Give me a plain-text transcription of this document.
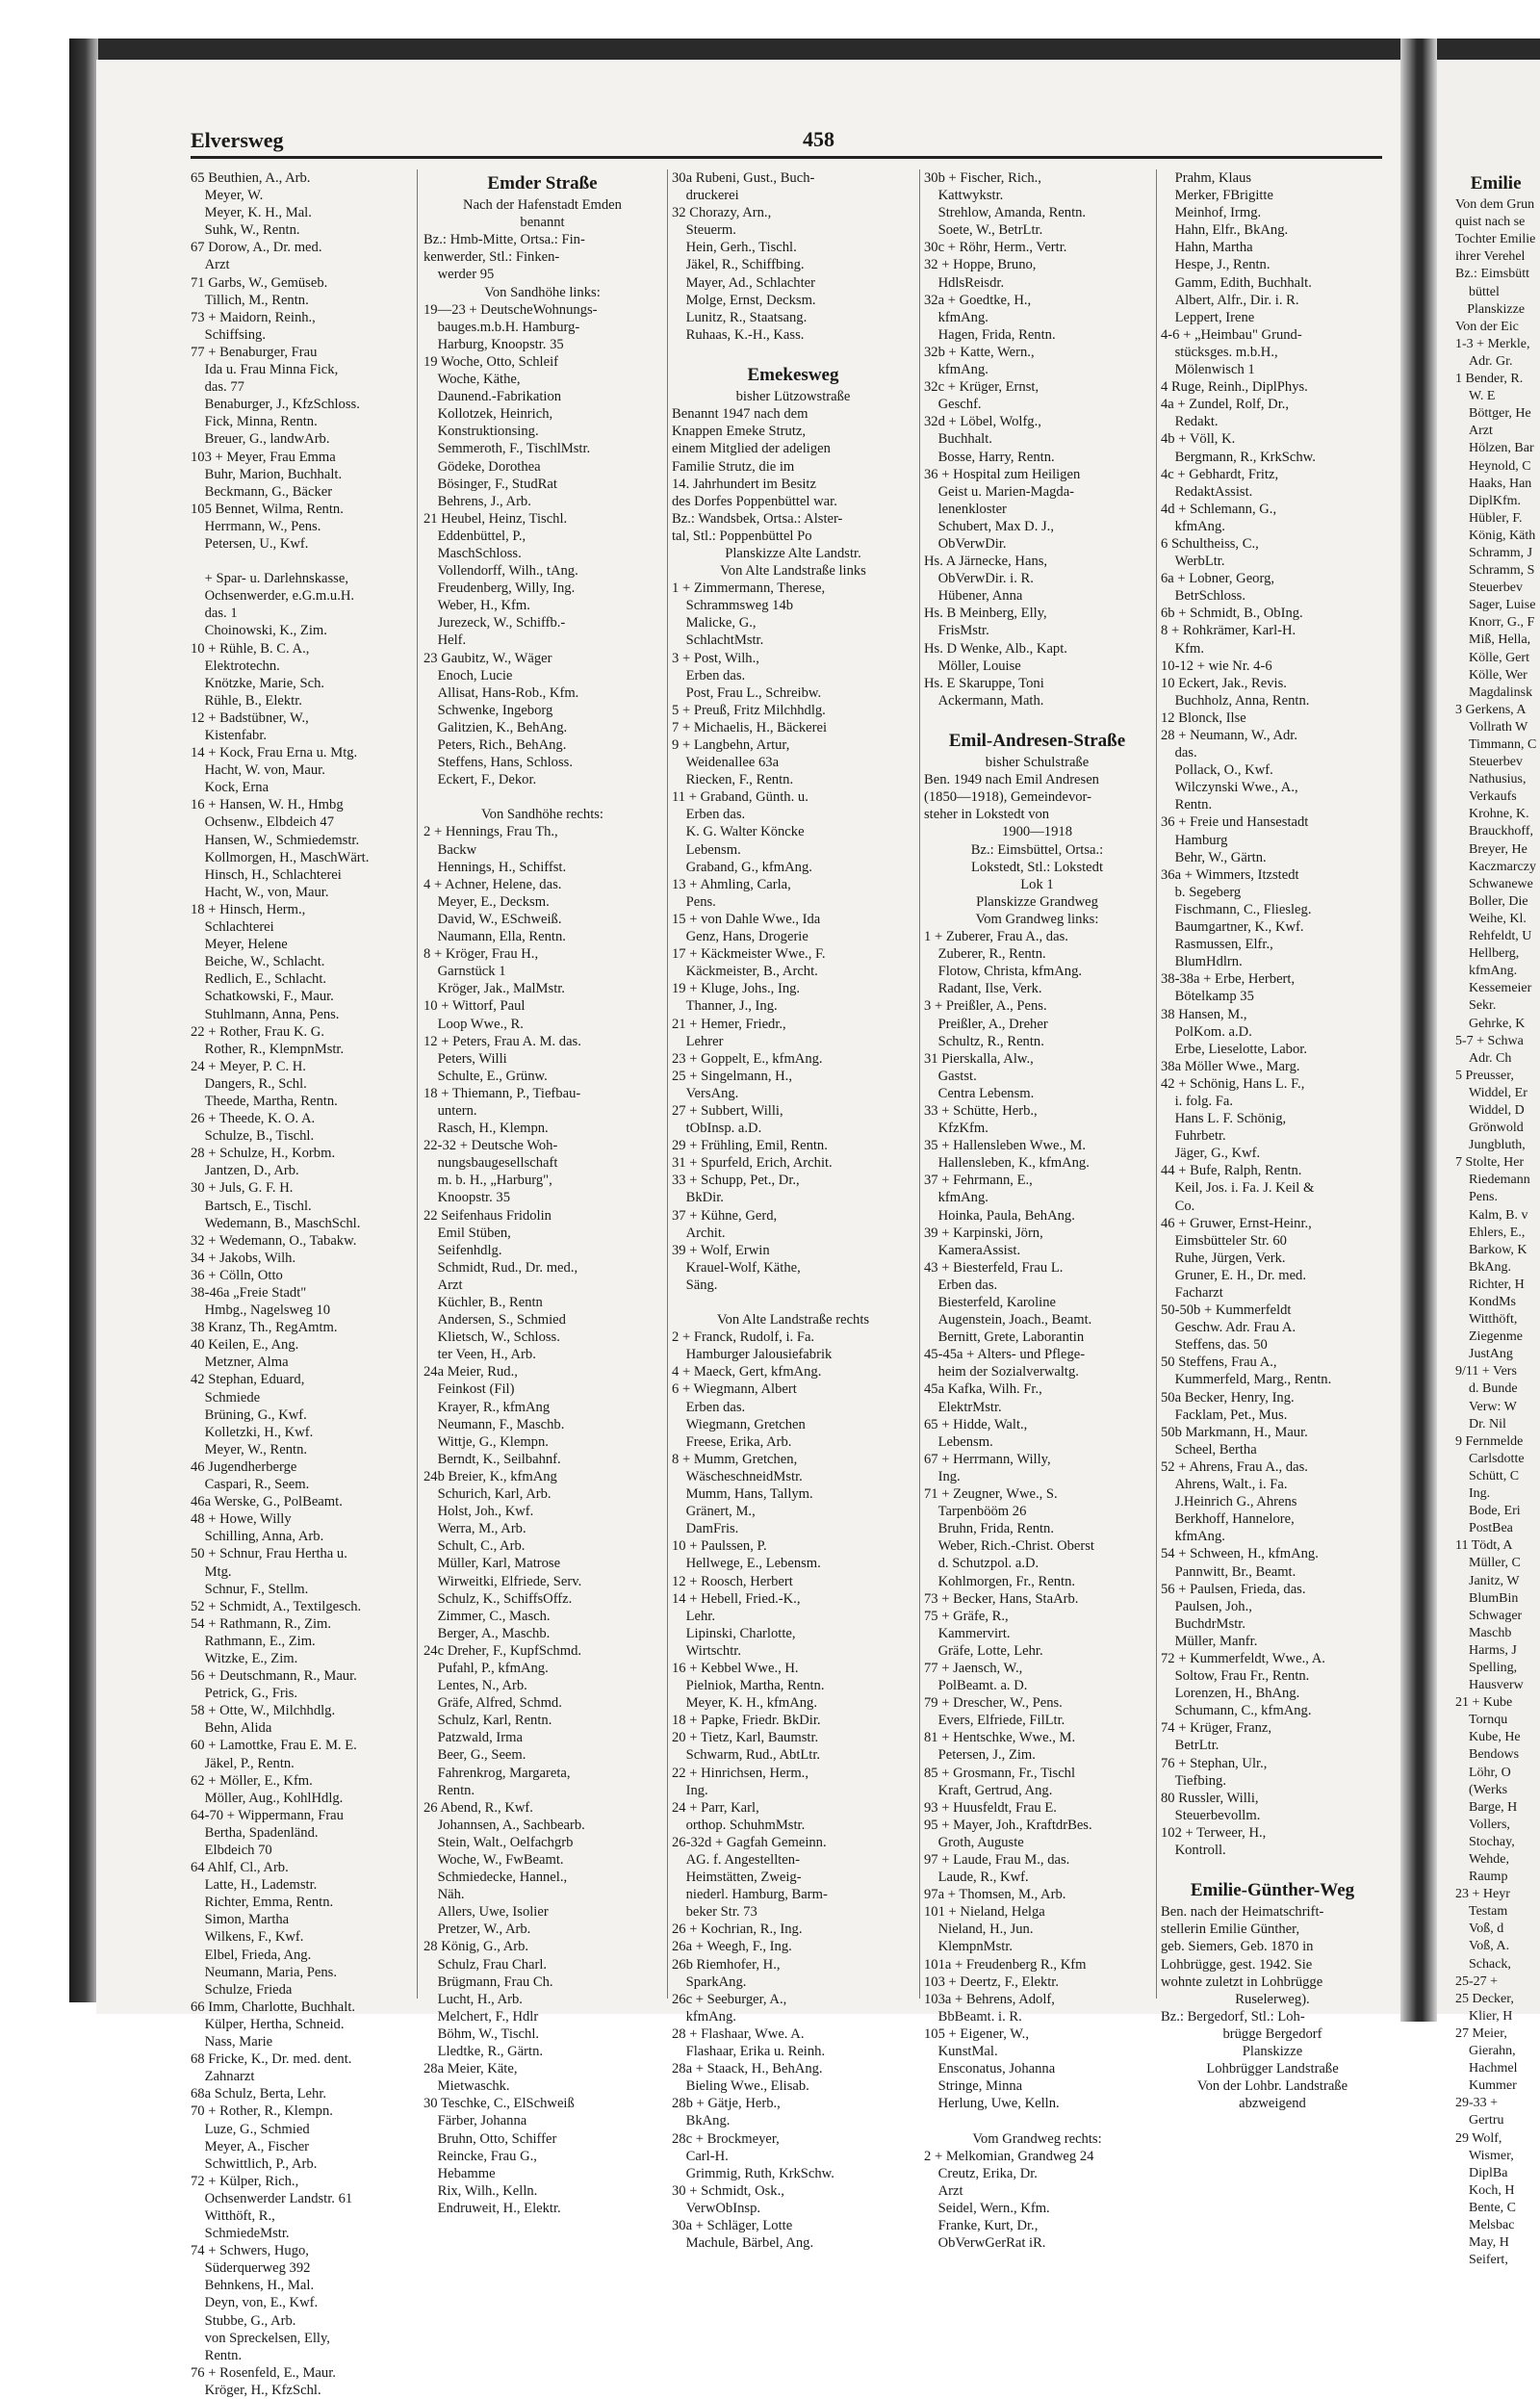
Elversweg	458
65 Beuthien, A., Arb.
 Meyer, W.
 Meyer, K. H., Mal.
 Suhk, W., Rentn.
67 Dorow, A., Dr. med.
 Arzt
71 Garbs, W., Gemüseb.
 Tillich, M., Rentn.
73 + Maidorn, Reinh.,
 Schiffsing.
77 + Benaburger, Frau
 Ida u. Frau Minna Fick,
 das. 77
 Benaburger, J., KfzSchloss.
 Fick, Minna, Rentn.
 Breuer, G., landwArb.
103 + Meyer, Frau Emma
 Buhr, Marion, Buchhalt.
 Beckmann, G., Bäcker
105 Bennet, Wilma, Rentn.
 Herrmann, W., Pens.
 Petersen, U., Kwf.
 + Spar- u. Darlehnskasse,
 Ochsenwerder, e.G.m.u.H.
 das. 1
 Choinowski, K., Zim.
10 + Rühle, B. C. A.,
 Elektrotechn.
 Knötzke, Marie, Sch.
 Rühle, B., Elektr.
12 + Badstübner, W.,
 Kistenfabr.
14 + Kock, Frau Erna u. Mtg.
 Hacht, W. von, Maur.
 Kock, Erna
16 + Hansen, W. H., Hmbg
 Ochsenw., Elbdeich 47
 Hansen, W., Schmiedemstr.
 Kollmorgen, H., MaschWärt.
 Hinsch, H., Schlachterei
 Hacht, W., von, Maur.
18 + Hinsch, Herm.,
 Schlachterei
 Meyer, Helene
 Beiche, W., Schlacht.
 Redlich, E., Schlacht.
 Schatkowski, F., Maur.
 Stuhlmann, Anna, Pens.
22 + Rother, Frau K. G.
 Rother, R., KlempnMstr.
24 + Meyer, P. C. H.
 Dangers, R., Schl.
 Theede, Martha, Rentn.
26 + Theede, K. O. A.
 Schulze, B., Tischl.
28 + Schulze, H., Korbm.
 Jantzen, D., Arb.
30 + Juls, G. F. H.
 Bartsch, E., Tischl.
 Wedemann, B., MaschSchl.
32 + Wedemann, O., Tabakw.
34 + Jakobs, Wilh.
36 + Cölln, Otto
38-46a „Freie Stadt"
 Hmbg., Nagelsweg 10
38 Kranz, Th., RegAmtm.
40 Keilen, E., Ang.
 Metzner, Alma
42 Stephan, Eduard,
 Schmiede
 Brüning, G., Kwf.
 Kolletzki, H., Kwf.
 Meyer, W., Rentn.
46 Jugendherberge
 Caspari, R., Seem.
46a Werske, G., PolBeamt.
48 + Howe, Willy
 Schilling, Anna, Arb.
50 + Schnur, Frau Hertha u.
 Mtg.
 Schnur, F., Stellm.
52 + Schmidt, A., Textilgesch.
54 + Rathmann, R., Zim.
 Rathmann, E., Zim.
 Witzke, E., Zim.
56 + Deutschmann, R., Maur.
 Petrick, G., Fris.
58 + Otte, W., Milchhdlg.
 Behn, Alida
60 + Lamottke, Frau E. M. E.
 Jäkel, P., Rentn.
62 + Möller, E., Kfm.
 Möller, Aug., KohlHdlg.
64-70 + Wippermann, Frau
 Bertha, Spadenländ.
 Elbdeich 70
64 Ahlf, Cl., Arb.
 Latte, H., Lademstr.
 Richter, Emma, Rentn.
 Simon, Martha
 Wilkens, F., Kwf.
 Elbel, Frieda, Ang.
 Neumann, Maria, Pens.
 Schulze, Frieda
66 Imm, Charlotte, Buchhalt.
 Külper, Hertha, Schneid.
 Nass, Marie
68 Fricke, K., Dr. med. dent.
 Zahnarzt
68a Schulz, Berta, Lehr.
70 + Rother, R., Klempn.
 Luze, G., Schmied
 Meyer, A., Fischer
 Schwittlich, P., Arb.
72 + Külper, Rich.,
 Ochsenwerder Landstr. 61
 Witthöft, R.,
 SchmiedeMstr.
74 + Schwers, Hugo,
 Süderquerweg 392
 Behnkens, H., Mal.
 Deyn, von, E., Kwf.
 Stubbe, G., Arb.
 von Spreckelsen, Elly,
 Rentn.
76 + Rosenfeld, E., Maur.
 Kröger, H., KfzSchl.
Emder Straße
Nach der Hafenstadt Emden
benannt
Bz.: Hmb-Mitte, Ortsa.: Fin-
kenwerder, Stl.: Finken-
 werder 95
Von Sandhöhe links:
19—23 + DeutscheWohnungs-
 bauges.m.b.H. Hamburg-
 Harburg, Knoopstr. 35
19 Woche, Otto, Schleif
 Woche, Käthe,
 Daunend.-Fabrikation
 Kollotzek, Heinrich,
 Konstruktionsing.
 Semmeroth, F., TischlMstr.
 Gödeke, Dorothea
 Bösinger, F., StudRat
 Behrens, J., Arb.
21 Heubel, Heinz, Tischl.
 Eddenbüttel, P.,
 MaschSchloss.
 Vollendorff, Wilh., tAng.
 Freudenberg, Willy, Ing.
 Weber, H., Kfm.
 Jurezeck, W., Schiffb.-
 Helf.
23 Gaubitz, W., Wäger
 Enoch, Lucie
 Allisat, Hans-Rob., Kfm.
 Schwenke, Ingeborg
 Galitzien, K., BehAng.
 Peters, Rich., BehAng.
 Steffens, Hans, Schloss.
 Eckert, F., Dekor.
Von Sandhöhe rechts:
2 + Hennings, Frau Th.,
 Backw
 Hennings, H., Schiffst.
4 + Achner, Helene, das.
 Meyer, E., Decksm.
 David, W., ESchweiß.
 Naumann, Ella, Rentn.
8 + Kröger, Frau H.,
 Garnstück 1
 Kröger, Jak., MalMstr.
10 + Wittorf, Paul
 Loop Wwe., R.
12 + Peters, Frau A. M. das.
 Peters, Willi
 Schulte, E., Grünw.
18 + Thiemann, P., Tiefbau-
 untern.
 Rasch, H., Klempn.
22-32 + Deutsche Woh-
 nungsbaugesellschaft
 m. b. H., „Harburg",
 Knoopstr. 35
22 Seifenhaus Fridolin
 Emil Stüben,
 Seifenhdlg.
 Schmidt, Rud., Dr. med.,
 Arzt
 Küchler, B., Rentn
 Andersen, S., Schmied
 Klietsch, W., Schloss.
 ter Veen, H., Arb.
24a Meier, Rud.,
 Feinkost (Fil)
 Krayer, R., kfmAng
 Neumann, F., Maschb.
 Wittje, G., Klempn.
 Berndt, K., Seilbahnf.
24b Breier, K., kfmAng
 Schurich, Karl, Arb.
 Holst, Joh., Kwf.
 Werra, M., Arb.
 Schult, C., Arb.
 Müller, Karl, Matrose
 Wirweitki, Elfriede, Serv.
 Schulz, K., SchiffsOffz.
 Zimmer, C., Masch.
 Berger, A., Maschb.
24c Dreher, F., KupfSchmd.
 Pufahl, P., kfmAng.
 Lentes, N., Arb.
 Gräfe, Alfred, Schmd.
 Schulz, Karl, Rentn.
 Patzwald, Irma
 Beer, G., Seem.
 Fahrenkrog, Margareta,
 Rentn.
26 Abend, R., Kwf.
 Johannsen, A., Sachbearb.
 Stein, Walt., Oelfachgrb
 Woche, W., FwBeamt.
 Schmiedecke, Hannel.,
 Näh.
 Allers, Uwe, Isolier
 Pretzer, W., Arb.
28 König, G., Arb.
 Schulz, Frau Charl.
 Brügmann, Frau Ch.
 Lucht, H., Arb.
 Melchert, F., Hdlr
 Böhm, W., Tischl.
 Lledtke, R., Gärtn.
28a Meier, Käte,
 Mietwaschk.
30 Teschke, C., ElSchweiß
 Färber, Johanna
 Bruhn, Otto, Schiffer
 Reincke, Frau G.,
 Hebamme
 Rix, Wilh., Kelln.
 Endruweit, H., Elektr.
30a Rubeni, Gust., Buch-
 druckerei
32 Chorazy, Arn.,
 Steuerm.
 Hein, Gerh., Tischl.
 Jäkel, R., Schiffbing.
 Mayer, Ad., Schlachter
 Molge, Ernst, Decksm.
 Lunitz, R., Staatsang.
 Ruhaas, K.-H., Kass.
Emekesweg
bisher Lützowstraße
Benannt 1947 nach dem
Knappen Emeke Strutz,
einem Mitglied der adeligen
Familie Strutz, die im
14. Jahrhundert im Besitz
des Dorfes Poppenbüttel war.
Bz.: Wandsbek, Ortsa.: Alster-
tal, Stl.: Poppenbüttel Po
Planskizze Alte Landstr.
Von Alte Landstraße links
1 + Zimmermann, Therese,
 Schrammsweg 14b
 Malicke, G.,
 SchlachtMstr.
3 + Post, Wilh.,
 Erben das.
 Post, Frau L., Schreibw.
5 + Preuß, Fritz Milchhdlg.
7 + Michaelis, H., Bäckerei
9 + Langbehn, Artur,
 Weidenallee 63a
 Riecken, F., Rentn.
11 + Graband, Günth. u.
 Erben das.
 K. G. Walter Köncke
 Lebensm.
 Graband, G., kfmAng.
13 + Ahmling, Carla,
 Pens.
15 + von Dahle Wwe., Ida
 Genz, Hans, Drogerie
17 + Käckmeister Wwe., F.
 Käckmeister, B., Archt.
19 + Kluge, Johs., Ing.
 Thanner, J., Ing.
21 + Hemer, Friedr.,
 Lehrer
23 + Goppelt, E., kfmAng.
25 + Singelmann, H.,
 VersAng.
27 + Subbert, Willi,
 tObInsp. a.D.
29 + Frühling, Emil, Rentn.
31 + Spurfeld, Erich, Archit.
33 + Schupp, Pet., Dr.,
 BkDir.
37 + Kühne, Gerd,
 Archit.
39 + Wolf, Erwin
 Krauel-Wolf, Käthe,
 Säng.
Von Alte Landstraße rechts
2 + Franck, Rudolf, i. Fa.
 Hamburger Jalousiefabrik
4 + Maeck, Gert, kfmAng.
6 + Wiegmann, Albert
 Erben das.
 Wiegmann, Gretchen
 Freese, Erika, Arb.
8 + Mumm, Gretchen,
 WäscheschneidMstr.
 Mumm, Hans, Tallym.
 Gränert, M.,
 DamFris.
10 + Paulssen, P.
 Hellwege, E., Lebensm.
12 + Roosch, Herbert
14 + Hebell, Fried.-K.,
 Lehr.
 Lipinski, Charlotte,
 Wirtschtr.
16 + Kebbel Wwe., H.
 Pielniok, Martha, Rentn.
 Meyer, K. H., kfmAng.
18 + Papke, Friedr. BkDir.
20 + Tietz, Karl, Baumstr.
 Schwarm, Rud., AbtLtr.
22 + Hinrichsen, Herm.,
 Ing.
24 + Parr, Karl,
 orthop. SchuhmMstr.
26-32d + Gagfah Gemeinn.
 AG. f. Angestellten-
 Heimstätten, Zweig-
 niederl. Hamburg, Barm-
 beker Str. 73
26 + Kochrian, R., Ing.
26a + Weegh, F., Ing.
26b Riemhofer, H.,
 SparkAng.
26c + Seeburger, A.,
 kfmAng.
28 + Flashaar, Wwe. A.
 Flashaar, Erika u. Reinh.
28a + Staack, H., BehAng.
 Bieling Wwe., Elisab.
28b + Gätje, Herb.,
 BkAng.
28c + Brockmeyer,
 Carl-H.
 Grimmig, Ruth, KrkSchw.
30 + Schmidt, Osk.,
 VerwObInsp.
30a + Schläger, Lotte
 Machule, Bärbel, Ang.
30b + Fischer, Rich.,
 Kattwykstr.
 Strehlow, Amanda, Rentn.
 Soete, W., BetrLtr.
30c + Röhr, Herm., Vertr.
32 + Hoppe, Bruno,
 HdlsReisdr.
32a + Goedtke, H.,
 kfmAng.
 Hagen, Frida, Rentn.
32b + Katte, Wern.,
 kfmAng.
32c + Krüger, Ernst,
 Geschf.
32d + Löbel, Wolfg.,
 Buchhalt.
 Bosse, Harry, Rentn.
36 + Hospital zum Heiligen
 Geist u. Marien-Magda-
 lenenkloster
 Schubert, Max D. J.,
 ObVerwDir.
Hs. A Järnecke, Hans,
 ObVerwDir. i. R.
 Hübener, Anna
Hs. B Meinberg, Elly,
 FrisMstr.
Hs. D Wenke, Alb., Kapt.
 Möller, Louise
Hs. E Skaruppe, Toni
 Ackermann, Math.
Emil-Andresen-Straße
bisher Schulstraße
Ben. 1949 nach Emil Andresen
(1850—1918), Gemeindevor-
steher in Lokstedt von
1900—1918
Bz.: Eimsbüttel, Ortsa.:
Lokstedt, Stl.: Lokstedt
Lok 1
Planskizze Grandweg
Vom Grandweg links:
1 + Zuberer, Frau A., das.
 Zuberer, R., Rentn.
 Flotow, Christa, kfmAng.
 Radant, Ilse, Verk.
3 + Preißler, A., Pens.
 Preißler, A., Dreher
 Schultz, R., Rentn.
31 Pierskalla, Alw.,
 Gastst.
 Centra Lebensm.
33 + Schütte, Herb.,
 KfzKfm.
35 + Hallensleben Wwe., M.
 Hallensleben, K., kfmAng.
37 + Fehrmann, E.,
 kfmAng.
 Hoinka, Paula, BehAng.
39 + Karpinski, Jörn,
 KameraAssist.
43 + Biesterfeld, Frau L.
 Erben das.
 Biesterfeld, Karoline
 Augenstein, Joach., Beamt.
 Bernitt, Grete, Laborantin
45-45a + Alters- und Pflege-
 heim der Sozialverwaltg.
45a Kafka, Wilh. Fr.,
 ElektrMstr.
65 + Hidde, Walt.,
 Lebensm.
67 + Herrmann, Willy,
 Ing.
71 + Zeugner, Wwe., S.
 Tarpenbööm 26
 Bruhn, Frida, Rentn.
 Weber, Rich.-Christ. Oberst
 d. Schutzpol. a.D.
 Kohlmorgen, Fr., Rentn.
73 + Becker, Hans, StaArb.
75 + Gräfe, R.,
 Kammervirt.
 Gräfe, Lotte, Lehr.
77 + Jaensch, W.,
 PolBeamt. a. D.
79 + Drescher, W., Pens.
 Evers, Elfriede, FilLtr.
81 + Hentschke, Wwe., M.
 Petersen, J., Zim.
85 + Grosmann, Fr., Tischl
 Kraft, Gertrud, Ang.
93 + Huusfeldt, Frau E.
95 + Mayer, Joh., KraftdrBes.
 Groth, Auguste
97 + Laude, Frau M., das.
 Laude, R., Kwf.
97a + Thomsen, M., Arb.
101 + Nieland, Helga
 Nieland, H., Jun.
 KlempnMstr.
101a + Freudenberg R., Kfm
103 + Deertz, F., Elektr.
103a + Behrens, Adolf,
 BbBeamt. i. R.
105 + Eigener, W.,
 KunstMal.
 Ensconatus, Johanna
 Stringe, Minna
 Herlung, Uwe, Kelln.
Vom Grandweg rechts:
2 + Melkomian, Grandweg 24
 Creutz, Erika, Dr.
 Arzt
 Seidel, Wern., Kfm.
 Franke, Kurt, Dr.,
 ObVerwGerRat iR.
 Prahm, Klaus
 Merker, FBrigitte
 Meinhof, Irmg.
 Hahn, Elfr., BkAng.
 Hahn, Martha
 Hespe, J., Rentn.
 Gamm, Edith, Buchhalt.
 Albert, Alfr., Dir. i. R.
 Leppert, Irene
4-6 + „Heimbau" Grund-
 stücksges. m.b.H.,
 Mölenwisch 1
4 Ruge, Reinh., DiplPhys.
4a + Zundel, Rolf, Dr.,
 Redakt.
4b + Völl, K.
 Bergmann, R., KrkSchw.
4c + Gebhardt, Fritz,
 RedaktAssist.
4d + Schlemann, G.,
 kfmAng.
6 Schultheiss, C.,
 WerbLtr.
6a + Lobner, Georg,
 BetrSchloss.
6b + Schmidt, B., ObIng.
8 + Rohkrämer, Karl-H.
 Kfm.
10-12 + wie Nr. 4-6
10 Eckert, Jak., Revis.
 Buchholz, Anna, Rentn.
12 Blonck, Ilse
28 + Neumann, W., Adr.
 das.
 Pollack, O., Kwf.
 Wilczynski Wwe., A.,
 Rentn.
36 + Freie und Hansestadt
 Hamburg
 Behr, W., Gärtn.
36a + Wimmers, Itzstedt
 b. Segeberg
 Fischmann, C., Fliesleg.
 Baumgartner, K., Kwf.
 Rasmussen, Elfr.,
 BlumHdlrn.
38-38a + Erbe, Herbert,
 Bötelkamp 35
38 Hansen, M.,
 PolKom. a.D.
 Erbe, Lieselotte, Labor.
38a Möller Wwe., Marg.
42 + Schönig, Hans L. F.,
 i. folg. Fa.
 Hans L. F. Schönig,
 Fuhrbetr.
 Jäger, G., Kwf.
44 + Bufe, Ralph, Rentn.
 Keil, Jos. i. Fa. J. Keil &
 Co.
46 + Gruwer, Ernst-Heinr.,
 Eimsbütteler Str. 60
 Ruhe, Jürgen, Verk.
 Gruner, E. H., Dr. med.
 Facharzt
50-50b + Kummerfeldt
 Geschw. Adr. Frau A.
 Steffens, das. 50
50 Steffens, Frau A.,
 Kummerfeld, Marg., Rentn.
50a Becker, Henry, Ing.
 Facklam, Pet., Mus.
50b Markmann, H., Maur.
 Scheel, Bertha
52 + Ahrens, Frau A., das.
 Ahrens, Walt., i. Fa.
 J.Heinrich G., Ahrens
 Berkhoff, Hannelore,
 kfmAng.
54 + Schween, H., kfmAng.
 Pannwitt, Br., Beamt.
56 + Paulsen, Frieda, das.
 Paulsen, Joh.,
 BuchdrMstr.
 Müller, Manfr.
72 + Kummerfeldt, Wwe., A.
 Soltow, Frau Fr., Rentn.
 Lorenzen, H., BhAng.
 Schumann, C., kfmAng.
74 + Krüger, Franz,
 BetrLtr.
76 + Stephan, Ulr.,
 Tiefbing.
80 Russler, Willi,
 Steuerbevollm.
102 + Terweer, H.,
 Kontroll.
Emilie-Günther-Weg
Ben. nach der Heimatschrift-
stellerin Emilie Günther,
geb. Siemers, Geb. 1870 in
Lohbrügge, gest. 1942. Sie
wohnte zuletzt in Lohbrügge
Ruselerweg).
Bz.: Bergedorf, Stl.: Loh-
brügge Bergedorf
Planskizze
Lohbrügger Landstraße
Von der Lohbr. Landstraße
abzweigend
Emilie
Von dem Grun
quist nach se
Tochter Emilie
ihrer Verehel
Bz.: Eimsbütt
 büttel
Planskizze
Von der Eic
1-3 + Merkle,
 Adr. Gr.
1 Bender, R.
 W. E
 Böttger, He
 Arzt
 Hölzen, Bar
 Heynold, C
 Haaks, Han
 DiplKfm.
 Hübler, F.
 König, Käth
 Schramm, J
 Schramm, S
 Steuerbev
 Sager, Luise
 Knorr, G., F
 Miß, Hella,
 Kölle, Gert
 Kölle, Wer
 Magdalinsk
3 Gerkens, A
 Vollrath W
 Timmann, C
 Steuerbev
 Nathusius,
 Verkaufs
 Krohne, K.
 Brauckhoff,
 Breyer, He
 Kaczmarczy
 Schwanewe
 Boller, Die
 Weihe, Kl.
 Rehfeldt, U
 Hellberg,
 kfmAng.
 Kessemeier
 Sekr.
 Gehrke, K
5-7 + Schwa
 Adr. Ch
5 Preusser,
 Widdel, Er
 Widdel, D
 Grönwold
 Jungbluth,
7 Stolte, Her
 Riedemann
 Pens.
 Kalm, B. v
 Ehlers, E.,
 Barkow, K
 BkAng.
 Richter, H
 KondMs
 Witthöft,
 Ziegenme
 JustAng
9/11 + Vers
 d. Bunde
 Verw: W
 Dr. Nil
9 Fernmelde
 Carlsdotte
 Schütt, C
 Ing.
 Bode, Eri
 PostBea
11 Tödt, A
 Müller, C
 Janitz, W
 BlumBin
 Schwager
 Maschb
 Harms, J
 Spelling,
 Hausverw
21 + Kube
 Tornqu
 Kube, He
 Bendows
 Löhr, O
 (Werks
 Barge, H
 Vollers,
 Stochay,
 Wehde,
 Raump
23 + Heyr
 Testam
 Voß, d
 Voß, A.
 Schack,
25-27 +
25 Decker,
 Klier, H
27 Meier,
 Gierahn,
 Hachmel
 Kummer
29-33 +
 Gertru
29 Wolf,
 Wismer,
 DiplBa
 Koch, H
 Bente, C
 Melsbac
 May, H
 Seifert,
